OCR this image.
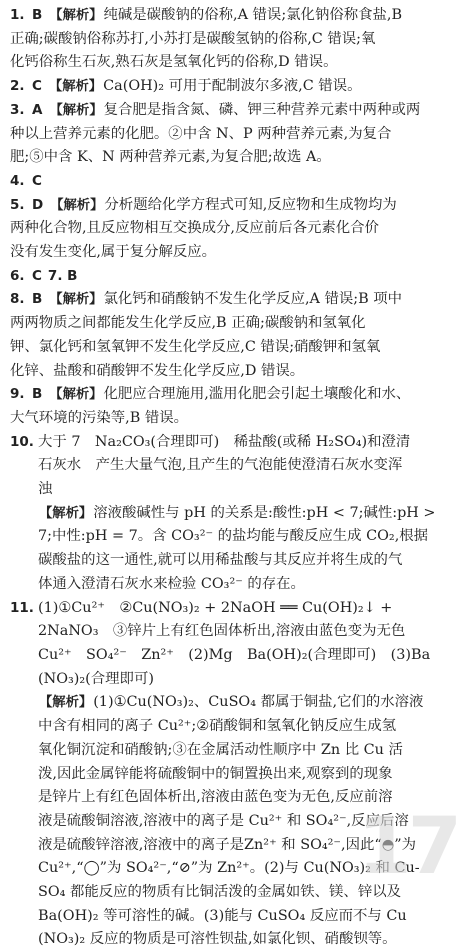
1. B 【解析】纯碱是碳酸钠的俗称,A 错误;氯化钠俗称食盐,B
正确;碳酸钠俗称苏打,小苏打是碳酸氢钠的俗称,C 错误;氧
化钙俗称生石灰,熟石灰是氢氧化钙的俗称,D 错误。
2. C 【解析】Ca(OH)₂ 可用于配制波尔多液,C 错误。
3. A 【解析】复合肥是指含氮、磷、钾三种营养元素中两种或两
种以上营养元素的化肥。②中含 N、P 两种营养元素,为复合
肥;⑤中含 K、N 两种营养元素,为复合肥;故选 A。
4. C
5. D 【解析】分析题给化学方程式可知,反应物和生成物均为
两种化合物,且反应物相互交换成分,反应前后各元素化合价
没有发生变化,属于复分解反应。
6. C 7. B
8. B 【解析】氯化钙和硝酸钠不发生化学反应,A 错误;B 项中
两两物质之间都能发生化学反应,B 正确;碳酸钠和氢氧化
钾、氯化钙和氢氧钾不发生化学反应,C 错误;硝酸钾和氢氧
化锌、盐酸和硝酸钾不发生化学反应,D 错误。
9. B 【解析】化肥应合理施用,滥用化肥会引起土壤酸化和水、
大气环境的污染等,B 错误。
10. 大于 7　Na₂CO₃(合理即可)　稀盐酸(或稀 H₂SO₄)和澄清
石灰水　产生大量气泡,且产生的气泡能使澄清石灰水变浑
浊
【解析】溶液酸碱性与 pH 的关系是:酸性:pH < 7;碱性:pH >
7;中性:pH = 7。含 CO₃²⁻ 的盐均能与酸反应生成 CO₂,根据
碳酸盐的这一通性,就可以用稀盐酸与其反应并将生成的气
体通入澄清石灰水来检验 CO₃²⁻ 的存在。
11. (1)①Cu²⁺　②Cu(NO₃)₂ + 2NaOH ══ Cu(OH)₂↓ +
2NaNO₃　③锌片上有红色固体析出,溶液由蓝色变为无色
Cu²⁺　SO₄²⁻　Zn²⁺　(2)Mg　Ba(OH)₂(合理即可)　(3)Ba
(NO₃)₂(合理即可)
【解析】(1)①Cu(NO₃)₂、CuSO₄ 都属于铜盐,它们的水溶液
中含有相同的离子 Cu²⁺;②硝酸铜和氢氧化钠反应生成氢
氧化铜沉淀和硝酸钠;③在金属活动性顺序中 Zn 比 Cu 活
泼,因此金属锌能将硫酸铜中的铜置换出来,观察到的现象
是锌片上有红色固体析出,溶液由蓝色变为无色,反应前溶
液是硫酸铜溶液,溶液中的离子是 Cu²⁺ 和 SO₄²⁻,反应后溶
液是硫酸锌溶液,溶液中的离子是Zn²⁺ 和 SO₄²⁻,因此“◓”为
Cu²⁺,“◯”为 SO₄²⁻,“⊘”为 Zn²⁺。(2)与 Cu(NO₃)₂ 和 Cu-
SO₄ 都能反应的物质有比铜活泼的金属如铁、镁、锌以及
Ba(OH)₂ 等可溶性的碱。(3)能与 CuSO₄ 反应而不与 Cu
(NO₃)₂ 反应的物质是可溶性钡盐,如氯化钡、硝酸钡等。
17
